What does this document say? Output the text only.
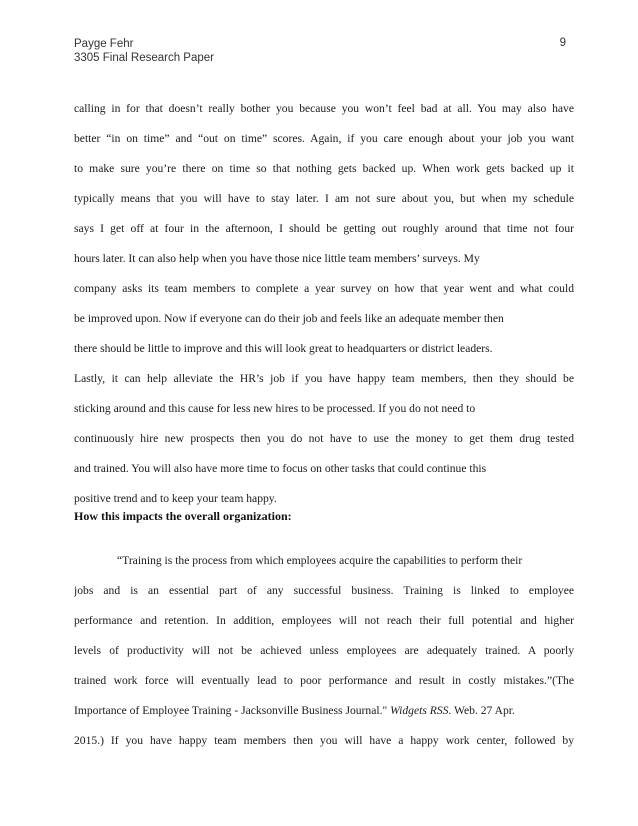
Payge Fehr
3305 Final Research Paper
9
calling in for that doesn’t really bother you because you won’t feel bad at all. You may also have
better “in on time” and “out on time” scores. Again, if you care enough about your job you want
to make sure you’re there on time so that nothing gets backed up. When work gets backed up it
typically means that you will have to stay later. I am not sure about you, but when my schedule
says I get off at four in the afternoon, I should be getting out roughly around that time not four
hours later. It can also help when you have those nice little team members’ surveys. My
company asks its team members to complete a year survey on how that year went and what could
be improved upon. Now if everyone can do their job and feels like an adequate member then
there should be little to improve and this will look great to headquarters or district leaders.
Lastly, it can help alleviate the HR’s job if you have happy team members, then they should be
sticking around and this cause for less new hires to be processed. If you do not need to
continuously hire new prospects then you do not have to use the money to get them drug tested
and trained. You will also have more time to focus on other tasks that could continue this
positive trend and to keep your team happy.
How this impacts the overall organization:
“Training is the process from which employees acquire the capabilities to perform their
jobs and is an essential part of any successful business. Training is linked to employee
performance and retention. In addition, employees will not reach their full potential and higher
levels of productivity will not be achieved unless employees are adequately trained. A poorly
trained work force will eventually lead to poor performance and result in costly mistakes.”(The
Importance of Employee Training - Jacksonville Business Journal." Widgets RSS. Web. 27 Apr.
2015.) If you have happy team members then you will have a happy work center, followed by
